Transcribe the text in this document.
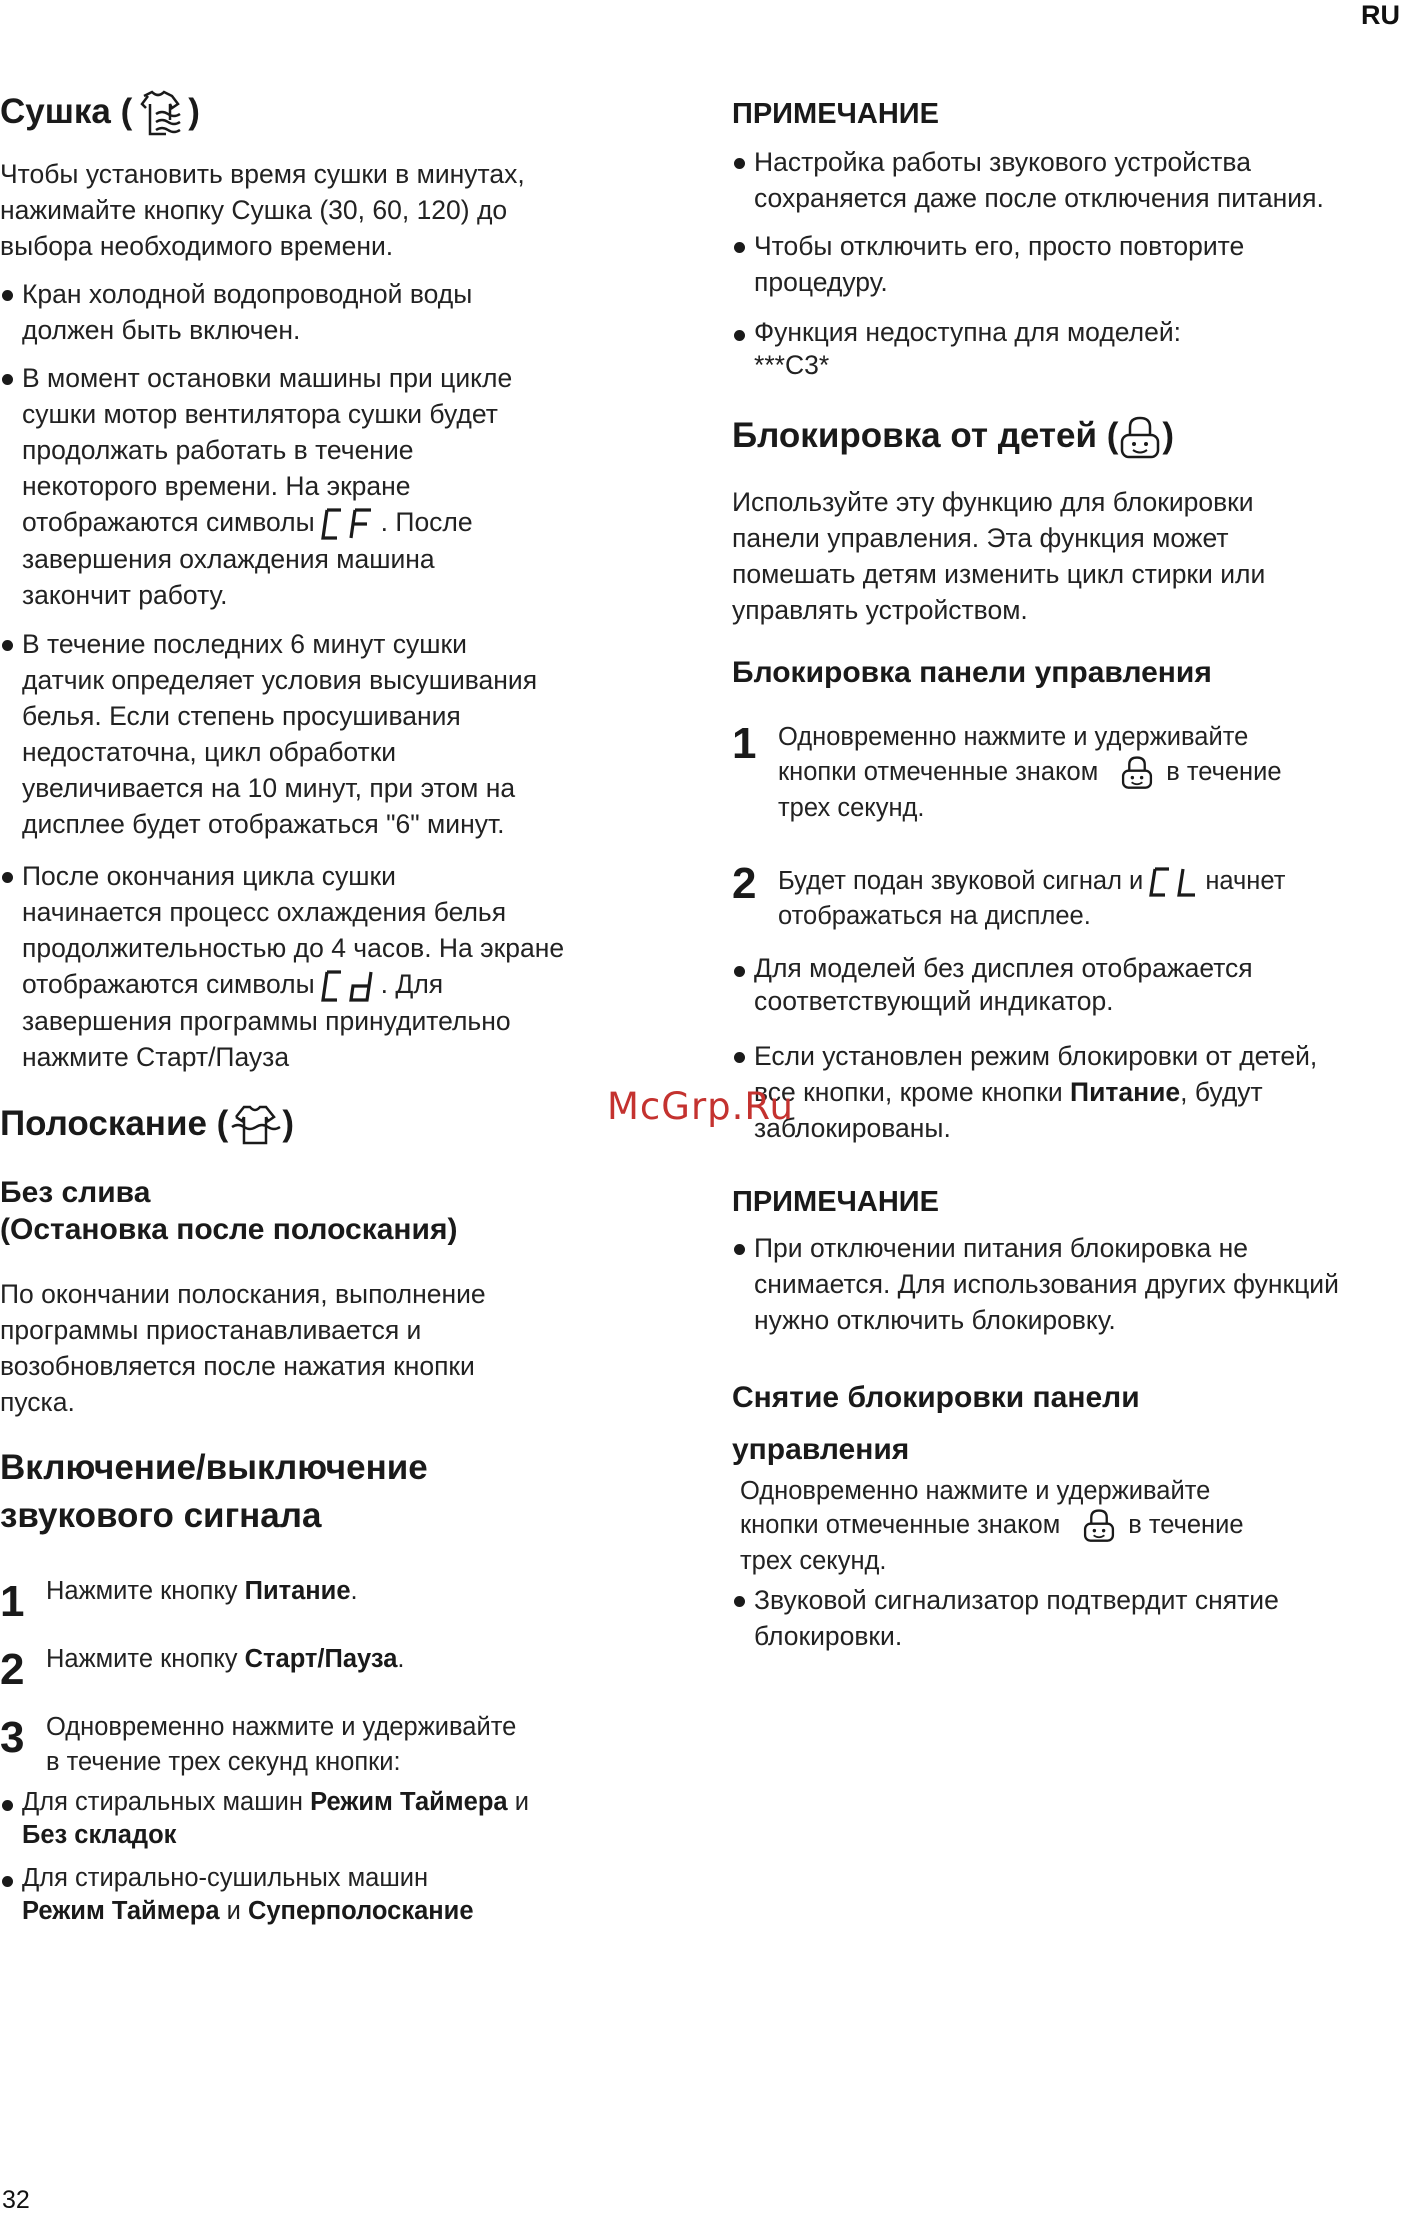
RU
32
Сушка ( )
Чтобы установить время сушки в минутах,
нажимайте кнопку Сушка (30, 60, 120) до
выбора необходимого времени.
Кран холодной водопроводной воды
должен быть включен.
В момент остановки машины при цикле
сушки мотор вентилятора сушки будет
продолжать работать в течение
некоторого времени. На экране
отображаются символы . После
завершения охлаждения машина
закончит работу.
В течение последних 6 минут сушки
датчик определяет условия высушивания
белья. Если степень просушивания
недостаточна, цикл обработки
увеличивается на 10 минут, при этом на
дисплее будет отображаться "6" минут.
После окончания цикла сушки
начинается процесс охлаждения белья
продолжительностью до 4 часов. На экране
отображаются символы . Для
завершения программы принудительно
нажмите Старт/Пауза
Полоскание ( )
Без слива
(Остановка после полоскания)
По окончании полоскания, выполнение
программы приостанавливается и
возобновляется после нажатия кнопки
пуска.
Включение/выключение
звукового сигнала
1 Нажмите кнопку Питание.
2 Нажмите кнопку Старт/Пауза.
3 Одновременно нажмите и удерживайте
в течение трех секунд кнопки:
Для стиральных машин Режим Таймера и
Без складок
Для стирально-сушильных машин
Режим Таймера и Суперполоскание
ПРИМЕЧАНИЕ
Настройка работы звукового устройства
сохраняется даже после отключения питания.
Чтобы отключить его, просто повторите
процедуру.
Функция недоступна для моделей:
***C3*
Блокировка от детей ( )
Используйте эту функцию для блокировки
панели управления. Эта функция может
помешать детям изменить цикл стирки или
управлять устройством.
Блокировка панели управления
1 Одновременно нажмите и удерживайте
кнопки отмеченные знаком	в течение
трех секунд.
2 Будет подан звуковой сигнал и начнет
отображаться на дисплее.
Для моделей без дисплея отображается
соответствующий индикатор.
Если установлен режим блокировки от детей,
все кнопки, кроме кнопки Питание, будут
заблокированы.
ПРИМЕЧАНИЕ
При отключении питания блокировка не
снимается. Для использования других функций
нужно отключить блокировку.
Снятие блокировки панели
управления
Одновременно нажмите и удерживайте
кнопки отмеченные знаком	в течение
трех секунд.
Звуковой сигнализатор подтвердит снятие
блокировки.
McGrp.Ru
